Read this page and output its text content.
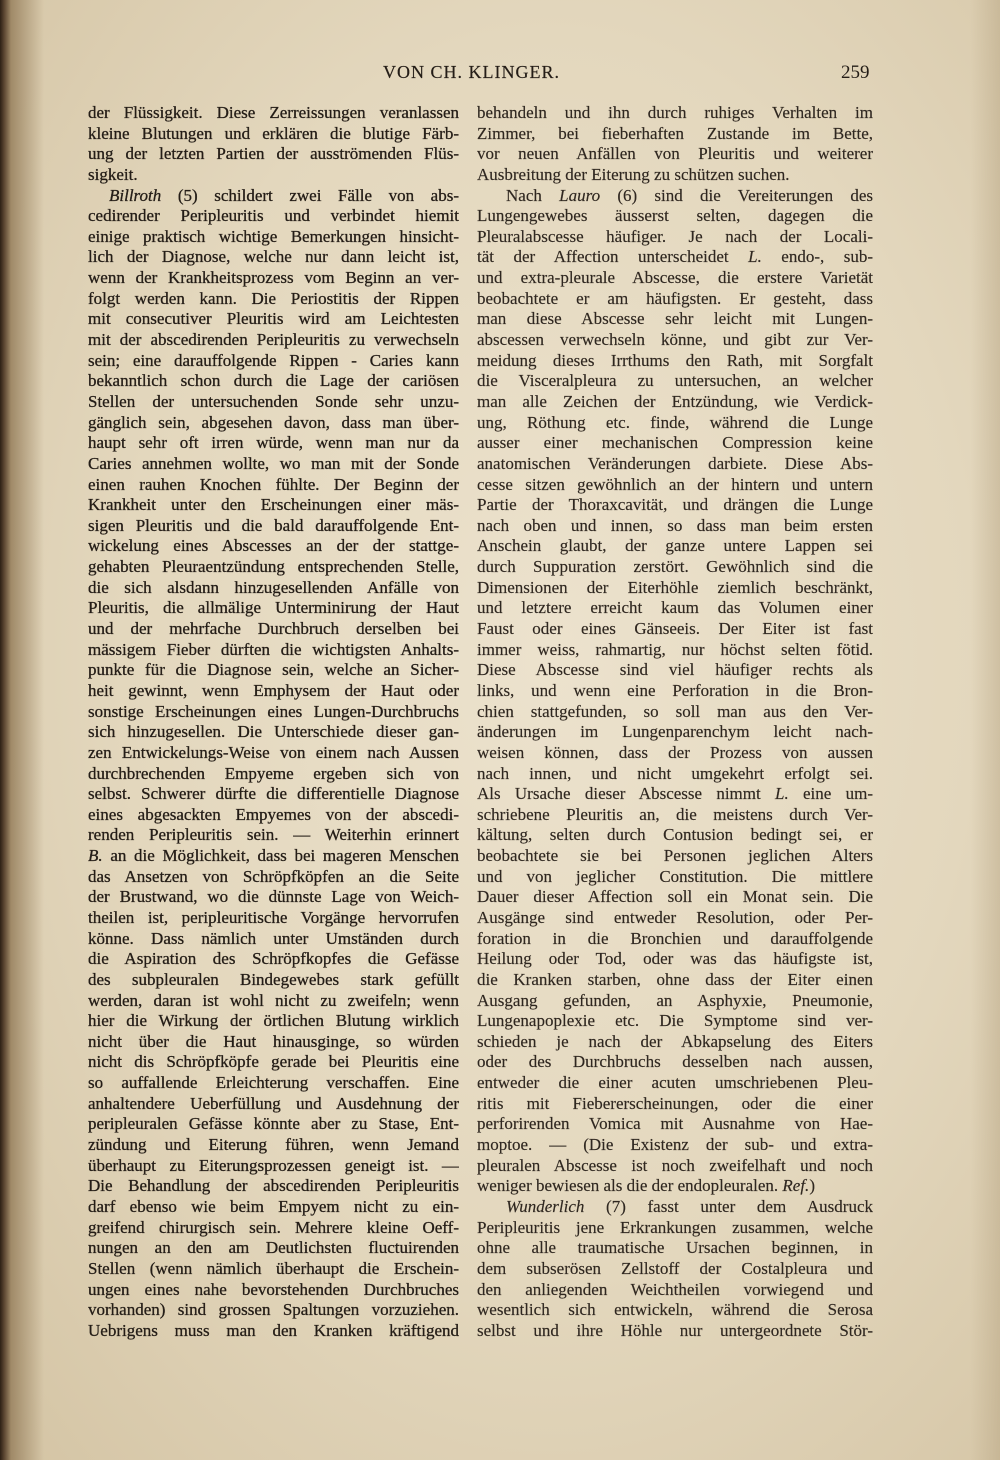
VON CH. KLINGER.	259
der Flüssigkeit. Diese Zerreissungen veranlassen
kleine Blutungen und erklären die blutige Färb-
ung der letzten Partien der ausströmenden Flüs-
sigkeit.
Billroth (5) schildert zwei Fälle von abs-
cedirender Peripleuritis und verbindet hiemit
einige praktisch wichtige Bemerkungen hinsicht-
lich der Diagnose, welche nur dann leicht ist,
wenn der Krankheitsprozess vom Beginn an ver-
folgt werden kann. Die Periostitis der Rippen
mit consecutiver Pleuritis wird am Leichtesten
mit der abscedirenden Peripleuritis zu verwechseln
sein; eine darauffolgende Rippen - Caries kann
bekanntlich schon durch die Lage der cariösen
Stellen der untersuchenden Sonde sehr unzu-
gänglich sein, abgesehen davon, dass man über-
haupt sehr oft irren würde, wenn man nur da
Caries annehmen wollte, wo man mit der Sonde
einen rauhen Knochen fühlte. Der Beginn der
Krankheit unter den Erscheinungen einer mäs-
sigen Pleuritis und die bald darauffolgende Ent-
wickelung eines Abscesses an der der stattge-
gehabten Pleuraentzündung entsprechenden Stelle,
die sich alsdann hinzugesellenden Anfälle von
Pleuritis, die allmälige Unterminirung der Haut
und der mehrfache Durchbruch derselben bei
mässigem Fieber dürften die wichtigsten Anhalts-
punkte für die Diagnose sein, welche an Sicher-
heit gewinnt, wenn Emphysem der Haut oder
sonstige Erscheinungen eines Lungen-Durchbruchs
sich hinzugesellen. Die Unterschiede dieser gan-
zen Entwickelungs-Weise von einem nach Aussen
durchbrechenden Empyeme ergeben sich von
selbst. Schwerer dürfte die differentielle Diagnose
eines abgesackten Empyemes von der abscedi-
renden Peripleuritis sein. — Weiterhin erinnert
B. an die Möglichkeit, dass bei mageren Menschen
das Ansetzen von Schröpfköpfen an die Seite
der Brustwand, wo die dünnste Lage von Weich-
theilen ist, peripleuritische Vorgänge hervorrufen
könne. Dass nämlich unter Umständen durch
die Aspiration des Schröpfkopfes die Gefässe
des subpleuralen Bindegewebes stark gefüllt
werden, daran ist wohl nicht zu zweifeln; wenn
hier die Wirkung der örtlichen Blutung wirklich
nicht über die Haut hinausginge, so würden
nicht dis Schröpfköpfe gerade bei Pleuritis eine
so auffallende Erleichterung verschaffen. Eine
anhaltendere Ueberfüllung und Ausdehnung der
peripleuralen Gefässe könnte aber zu Stase, Ent-
zündung und Eiterung führen, wenn Jemand
überhaupt zu Eiterungsprozessen geneigt ist. —
Die Behandlung der abscedirenden Peripleuritis
darf ebenso wie beim Empyem nicht zu ein-
greifend chirurgisch sein. Mehrere kleine Oeff-
nungen an den am Deutlichsten fluctuirenden
Stellen (wenn nämlich überhaupt die Erschein-
ungen eines nahe bevorstehenden Durchbruches
vorhanden) sind grossen Spaltungen vorzuziehen.
Uebrigens muss man den Kranken kräftigend
behandeln und ihn durch ruhiges Verhalten im
Zimmer, bei fieberhaften Zustande im Bette,
vor neuen Anfällen von Pleuritis und weiterer
Ausbreitung der Eiterung zu schützen suchen.
Nach Lauro (6) sind die Vereiterungen des
Lungengewebes äusserst selten, dagegen die
Pleuralabscesse häufiger. Je nach der Locali-
tät der Affection unterscheidet L. endo-, sub-
und extra-pleurale Abscesse, die erstere Varietät
beobachtete er am häufigsten. Er gesteht, dass
man diese Abscesse sehr leicht mit Lungen-
abscessen verwechseln könne, und gibt zur Ver-
meidung dieses Irrthums den Rath, mit Sorgfalt
die Visceralpleura zu untersuchen, an welcher
man alle Zeichen der Entzündung, wie Verdick-
ung, Röthung etc. finde, während die Lunge
ausser einer mechanischen Compression keine
anatomischen Veränderungen darbiete. Diese Abs-
cesse sitzen gewöhnlich an der hintern und untern
Partie der Thoraxcavität, und drängen die Lunge
nach oben und innen, so dass man beim ersten
Anschein glaubt, der ganze untere Lappen sei
durch Suppuration zerstört. Gewöhnlich sind die
Dimensionen der Eiterhöhle ziemlich beschränkt,
und letztere erreicht kaum das Volumen einer
Faust oder eines Gänseeis. Der Eiter ist fast
immer weiss, rahmartig, nur höchst selten fötid.
Diese Abscesse sind viel häufiger rechts als
links, und wenn eine Perforation in die Bron-
chien stattgefunden, so soll man aus den Ver-
änderungen im Lungenparenchym leicht nach-
weisen können, dass der Prozess von aussen
nach innen, und nicht umgekehrt erfolgt sei.
Als Ursache dieser Abscesse nimmt L. eine um-
schriebene Pleuritis an, die meistens durch Ver-
kältung, selten durch Contusion bedingt sei, er
beobachtete sie bei Personen jeglichen Alters
und von jeglicher Constitution. Die mittlere
Dauer dieser Affection soll ein Monat sein. Die
Ausgänge sind entweder Resolution, oder Per-
foration in die Bronchien und darauffolgende
Heilung oder Tod, oder was das häufigste ist,
die Kranken starben, ohne dass der Eiter einen
Ausgang gefunden, an Asphyxie, Pneumonie,
Lungenapoplexie etc. Die Symptome sind ver-
schieden je nach der Abkapselung des Eiters
oder des Durchbruchs desselben nach aussen,
entweder die einer acuten umschriebenen Pleu-
ritis mit Fiebererscheinungen, oder die einer
perforirenden Vomica mit Ausnahme von Hae-
moptoe. — (Die Existenz der sub- und extra-
pleuralen Abscesse ist noch zweifelhaft und noch
weniger bewiesen als die der endopleuralen. Ref.)
Wunderlich (7) fasst unter dem Ausdruck
Peripleuritis jene Erkrankungen zusammen, welche
ohne alle traumatische Ursachen beginnen, in
dem subserösen Zellstoff der Costalpleura und
den anliegenden Weichtheilen vorwiegend und
wesentlich sich entwickeln, während die Serosa
selbst und ihre Höhle nur untergeordnete Stör-
